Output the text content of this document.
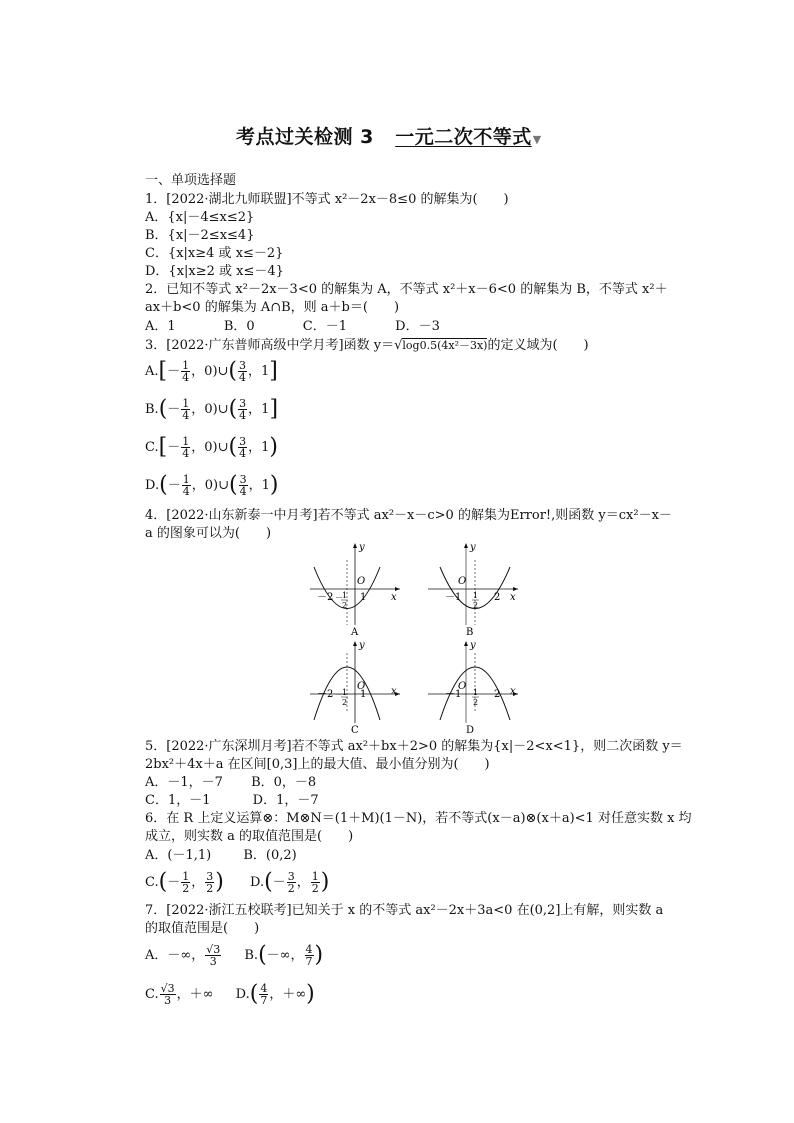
考点过关检测 3 一元二次不等式▼
一、单项选择题
1．[2022·湖北九师联盟]不等式 x²－2x－8≤0 的解集为(　　)
A．{x|－4≤x≤2}
B．{x|－2≤x≤4}
C．{x|x≥4 或 x≤－2}
D．{x|x≥2 或 x≤－4}
2．已知不等式 x²－2x－3<0 的解集为 A，不等式 x²＋x－6<0 的解集为 B，不等式 x²＋
ax＋b<0 的解集为 A∩B，则 a＋b＝(　　)
A．1	B．0	C．－1	D．－3
3．[2022·广东普师高级中学月考]函数 y＝√log0.5(4x²－3x)的定义域为(　　)
$A.[- \frac{1}{4}$ ，0)∪( $\frac{3}{4}$ ，1]
$B.(- \frac{1}{4}$ ，0)∪( $\frac{3}{4}$ ，1]
$C.[- \frac{1}{4}$ ，0)∪( $\frac{3}{4}$ ，1)
$D.(- \frac{1}{4}$ ，0)∪( $\frac{3}{4}$ ，1)
4．[2022·山东新泰一中月考]若不等式 ax²－x－c>0 的解集为Error!,则函数 y＝cx²－x－
a 的图象可以为(　　)
y
x
O
－2	1
－ 1
2
A
y
x
O
－1	2
1
2
B
y
x
O
－2	1
－ 1
2
C
y
x
O
－1	2
1
2
D
5．[2022·广东深圳月考]若不等式 ax²＋bx＋2>0 的解集为{x|－2<x<1}，则二次函数 y＝
2bx²＋4x＋a 在区间[0,3]上的最大值、最小值分别为(　　)
A．－1，－7 B．0，－8
C．1，－1	D．1，－7
6．在 R 上定义运算⊗：M⊗N＝(1＋M)(1－N)，若不等式(x－a)⊗(x＋a)<1 对任意实数 x 均
成立，则实数 a 的取值范围是(　　)
A．(－1,1) B．(0,2)
$C.(- \frac{1}{2}$ ， $\frac{3}{2}$ ) $D.(- \frac{3}{2}$ ， $\frac{1}{2}$ )
7．[2022·浙江五校联考]已知关于 x 的不等式 ax²－2x＋3a<0 在(0,2]上有解，则实数 a
的取值范围是(　　)
A．－∞， $\frac{√3}{3} B.(-\infty$， $\frac{4}{7}$ )
C. $\frac{√3}{3}$ ，＋∞ $D.( \frac{4}{7}$ ，＋∞)
